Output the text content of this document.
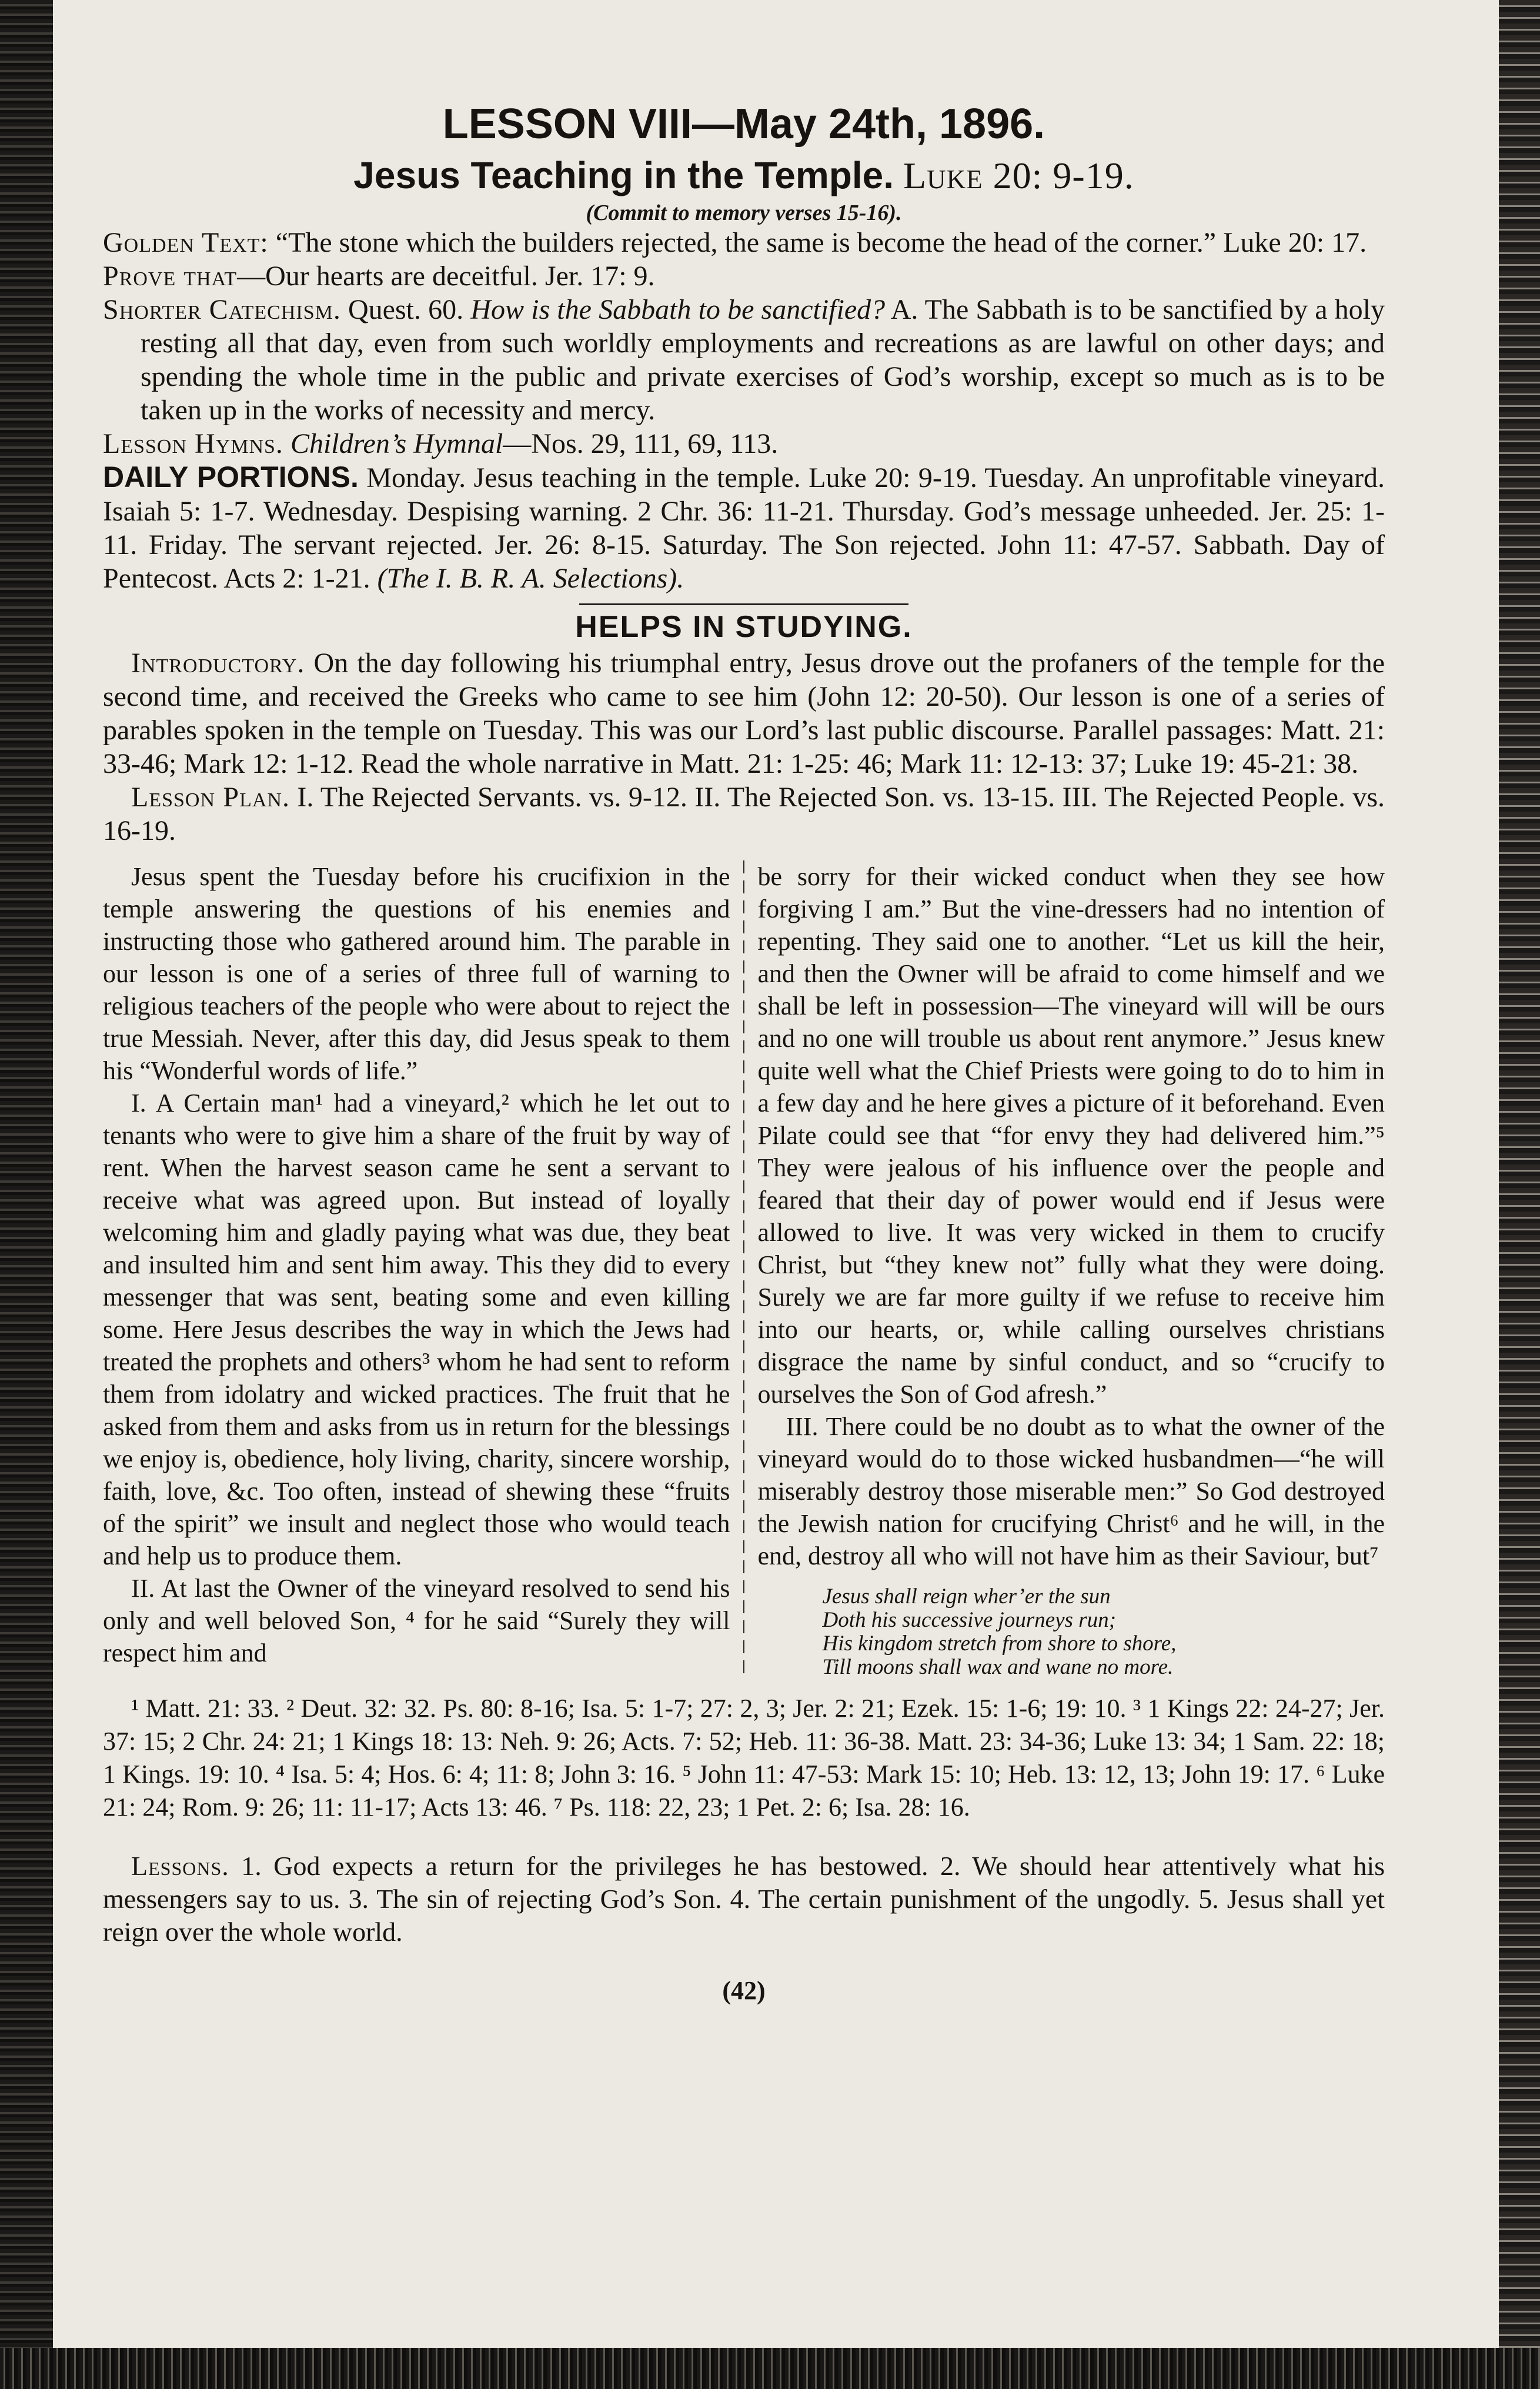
LESSON VIII—May 24th, 1896.
Jesus Teaching in the Temple. Luke 20: 9-19.
(Commit to memory verses 15-16).

Golden Text: “The stone which the builders rejected, the same is become the head of the corner.” Luke 20: 17.

Prove that—Our hearts are deceitful. Jer. 17: 9.

Shorter Catechism. Quest. 60. How is the Sabbath to be sanctified? A. The Sabbath is to be sanctified by a holy resting all that day, even from such worldly employments and recreations as are lawful on other days; and spending the whole time in the public and private exercises of God’s worship, except so much as is to be taken up in the works of necessity and mercy.

Lesson Hymns. Children’s Hymnal—Nos. 29, 111, 69, 113.

DAILY PORTIONS. Monday. Jesus teaching in the temple. Luke 20: 9-19. Tuesday. An unprofitable vineyard. Isaiah 5: 1-7. Wednesday. Despising warning. 2 Chr. 36: 11-21. Thursday. God’s message unheeded. Jer. 25: 1-11. Friday. The servant rejected. Jer. 26: 8-15. Saturday. The Son rejected. John 11: 47-57. Sabbath. Day of Pentecost. Acts 2: 1-21. (The I. B. R. A. Selections).

HELPS IN STUDYING.

Introductory. On the day following his triumphal entry, Jesus drove out the profaners of the temple for the second time, and received the Greeks who came to see him (John 12: 20-50). Our lesson is one of a series of parables spoken in the temple on Tuesday. This was our Lord’s last public discourse. Parallel passages: Matt. 21: 33-46; Mark 12: 1-12. Read the whole narrative in Matt. 21: 1-25: 46; Mark 11: 12-13: 37; Luke 19: 45-21: 38.

Lesson Plan. I. The Rejected Servants. vs. 9-12. II. The Rejected Son. vs. 13-15. III. The Rejected People. vs. 16-19.

Jesus spent the Tuesday before his crucifixion in the temple answering the questions of his enemies and instructing those who gathered around him. The parable in our lesson is one of a series of three full of warning to religious teachers of the people who were about to reject the true Messiah. Never, after this day, did Jesus speak to them his “Wonderful words of life.”

I. A Certain man¹ had a vineyard,² which he let out to tenants who were to give him a share of the fruit by way of rent. When the harvest season came he sent a servant to receive what was agreed upon. But instead of loyally welcoming him and gladly paying what was due, they beat and insulted him and sent him away. This they did to every messenger that was sent, beating some and even killing some. Here Jesus describes the way in which the Jews had treated the prophets and others³ whom he had sent to reform them from idolatry and wicked practices. The fruit that he asked from them and asks from us in return for the blessings we enjoy is, obedience, holy living, charity, sincere worship, faith, love, &c. Too often, instead of shewing these “fruits of the spirit” we insult and neglect those who would teach and help us to produce them.

II. At last the Owner of the vineyard resolved to send his only and well beloved Son, ⁴ for he said “Surely they will respect him and

be sorry for their wicked conduct when they see how forgiving I am.” But the vine-dressers had no intention of repenting. They said one to another. “Let us kill the heir, and then the Owner will be afraid to come himself and we shall be left in possession—The vineyard will will be ours and no one will trouble us about rent anymore.” Jesus knew quite well what the Chief Priests were going to do to him in a few day and he here gives a picture of it beforehand. Even Pilate could see that “for envy they had delivered him.”⁵ They were jealous of his influence over the people and feared that their day of power would end if Jesus were allowed to live. It was very wicked in them to crucify Christ, but “they knew not” fully what they were doing. Surely we are far more guilty if we refuse to receive him into our hearts, or, while calling ourselves christians disgrace the name by sinful conduct, and so “crucify to ourselves the Son of God afresh.”

III. There could be no doubt as to what the owner of the vineyard would do to those wicked husbandmen—“he will miserably destroy those miserable men:” So God destroyed the Jewish nation for crucifying Christ⁶ and he will, in the end, destroy all who will not have him as their Saviour, but⁷

Jesus shall reign wher’er the sun
Doth his successive journeys run;
His kingdom stretch from shore to shore,
Till moons shall wax and wane no more.

¹ Matt. 21: 33. ² Deut. 32: 32. Ps. 80: 8-16; Isa. 5: 1-7; 27: 2, 3; Jer. 2: 21; Ezek. 15: 1-6; 19: 10. ³ 1 Kings 22: 24-27; Jer. 37: 15; 2 Chr. 24: 21; 1 Kings 18: 13: Neh. 9: 26; Acts. 7: 52; Heb. 11: 36-38. Matt. 23: 34-36; Luke 13: 34; 1 Sam. 22: 18; 1 Kings. 19: 10. ⁴ Isa. 5: 4; Hos. 6: 4; 11: 8; John 3: 16. ⁵ John 11: 47-53: Mark 15: 10; Heb. 13: 12, 13; John 19: 17. ⁶ Luke 21: 24; Rom. 9: 26; 11: 11-17; Acts 13: 46. ⁷ Ps. 118: 22, 23; 1 Pet. 2: 6; Isa. 28: 16.

Lessons. 1. God expects a return for the privileges he has bestowed. 2. We should hear attentively what his messengers say to us. 3. The sin of rejecting God’s Son. 4. The certain punishment of the ungodly. 5. Jesus shall yet reign over the whole world.

(42)
